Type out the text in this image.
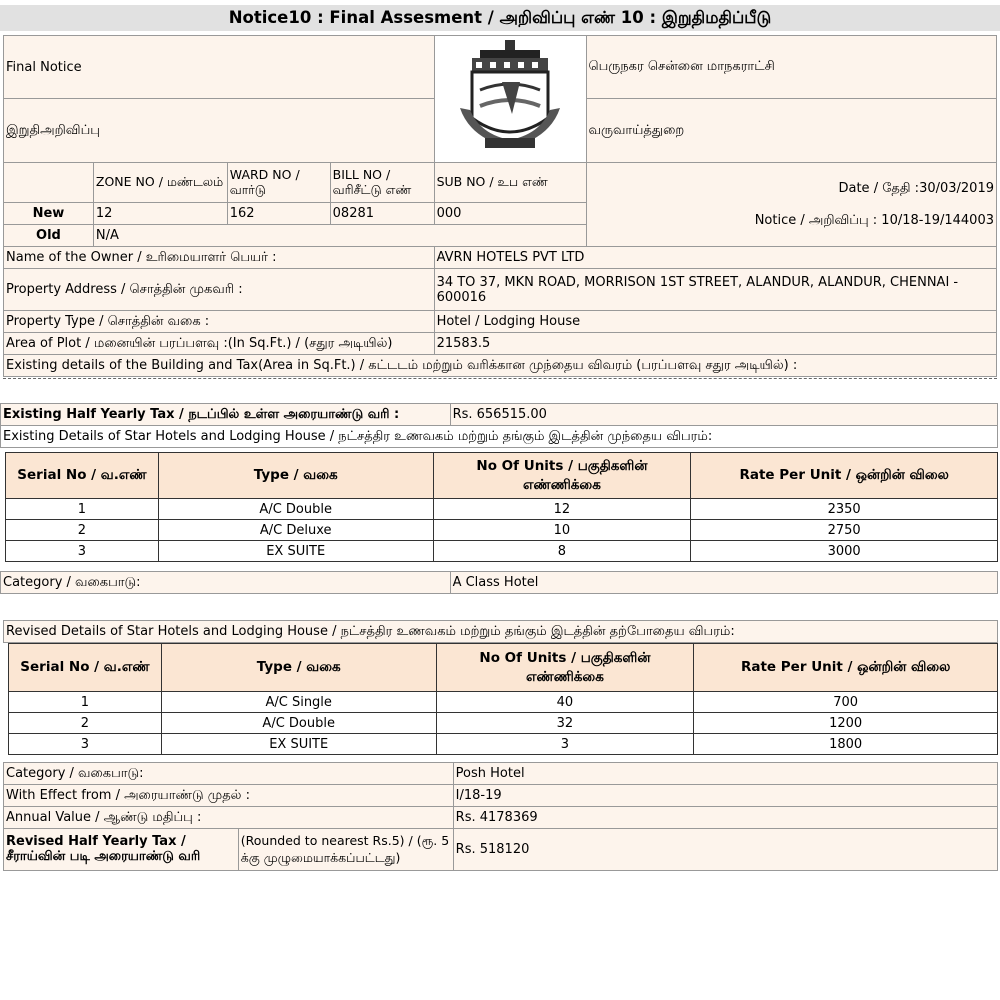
Notice10 : Final Assesment / அறிவிப்பு எண் 10 : இறுதிமதிப்பீடு
Final Notice					பெருநகர சென்னை மாநகராட்சி
இறுதிஅறிவிப்பு					வருவாய்த்துறை
	ZONE NO / மண்டலம்	WARD NO / வார்டு	BILL NO / வரிசீட்டு எண்	SUB NO / உப எண்	Date / தேதி :30/03/2019
Notice / அறிவிப்பு : 10/18-19/144003

New	12	162	08281	000	
Old	N/A				
Name of the Owner / உரிமையாளர் பெயர் :				AVRN HOTELS PVT LTD	
Property Address / சொத்தின் முகவரி :				34 TO 37, MKN ROAD, MORRISON 1ST STREET, ALANDUR, ALANDUR, CHENNAI - 600016	
Property Type / சொத்தின் வகை :				Hotel / Lodging House	
Area of Plot / மனையின் பரப்பளவு :(In Sq.Ft.) / (சதுர அடியில்)				21583.5	
Existing details of the Building and Tax(Area in Sq.Ft.) / கட்டடம் மற்றும் வரிக்கான முந்தைய விவரம் (பரப்பளவு சதுர அடியில்) :					
Existing Half Yearly Tax / நடப்பில் உள்ள அரையாண்டு வரி :	Rs. 656515.00
Existing Details of Star Hotels and Lodging House / நட்சத்திர உணவகம் மற்றும் தங்கும் இடத்தின் முந்தைய விபரம்:
Serial No / வ.எண்	Type / வகை	No Of Units / பகுதிகளின் எண்ணிக்கை	Rate Per Unit / ஒன்றின் விலை
1	A/C Double	12	2350
2	A/C Deluxe	10	2750
3	EX SUITE	8	3000
Category / வகைபாடு:	A Class Hotel
Revised Details of Star Hotels and Lodging House / நட்சத்திர உணவகம் மற்றும் தங்கும் இடத்தின் தற்போதைய விபரம்:
Serial No / வ.எண்	Type / வகை	No Of Units / பகுதிகளின் எண்ணிக்கை	Rate Per Unit / ஒன்றின் விலை
1	A/C Single	40	700
2	A/C Double	32	1200
3	EX SUITE	3	1800
Category / வகைபாடு:		Posh Hotel
With Effect from / அரையாண்டு முதல் :		I/18-19
Annual Value / ஆண்டு மதிப்பு :		Rs. 4178369
Revised Half Yearly Tax / சீராய்வின் படி அரையாண்டு வரி	(Rounded to nearest Rs.5) / (ரூ. 5 க்கு முழுமையாக்கப்பட்டது)	Rs. 518120
